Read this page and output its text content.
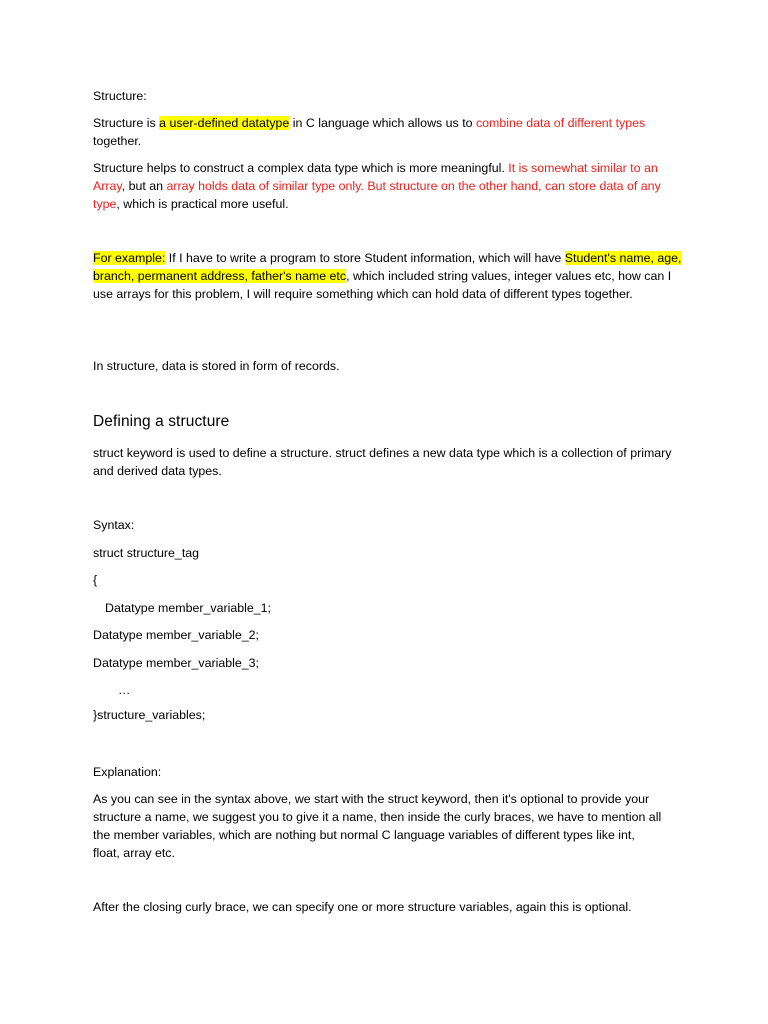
Structure:

Structure is a user-defined datatype in C language which allows us to combine data of different types together.

Structure helps to construct a complex data type which is more meaningful. It is somewhat similar to an Array, but an array holds data of similar type only. But structure on the other hand, can store data of any type, which is practical more useful.

For example: If I have to write a program to store Student information, which will have Student's name, age, branch, permanent address, father's name etc, which included string values, integer values etc, how can I use arrays for this problem, I will require something which can hold data of different types together.

In structure, data is stored in form of records.

Defining a structure

struct keyword is used to define a structure. struct defines a new data type which is a collection of primary and derived data types.

Syntax:

struct structure_tag

{

Datatype member_variable_1;

Datatype member_variable_2;

Datatype member_variable_3;

…

}structure_variables;

Explanation:

As you can see in the syntax above, we start with the struct keyword, then it's optional to provide your structure a name, we suggest you to give it a name, then inside the curly braces, we have to mention all the member variables, which are nothing but normal C language variables of different types like int, float, array etc.

After the closing curly brace, we can specify one or more structure variables, again this is optional.
